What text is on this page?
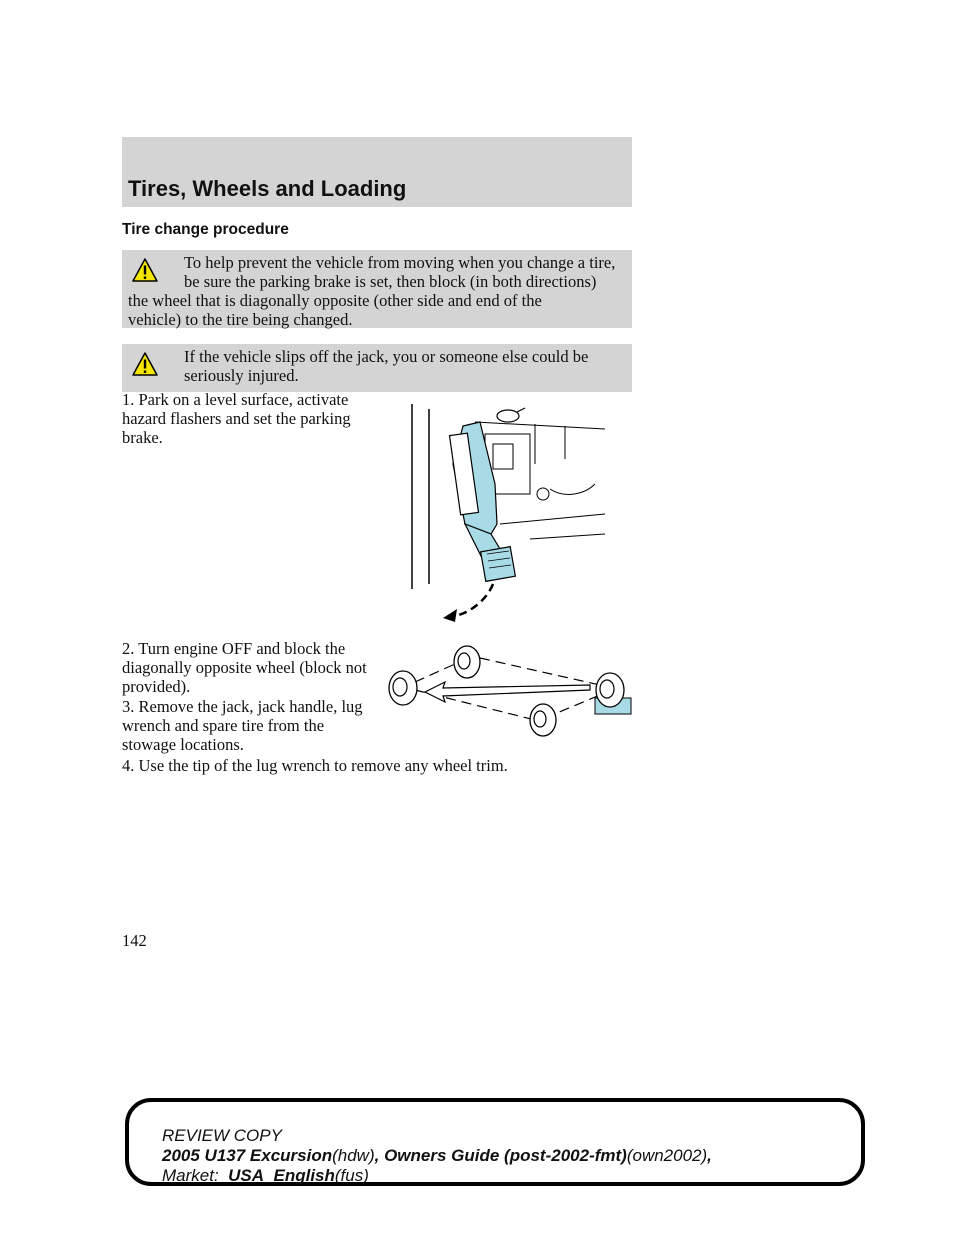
Tires, Wheels and Loading
Tire change procedure
To help prevent the vehicle from moving when you change a tire,
be sure the parking brake is set, then block (in both directions)
the wheel that is diagonally opposite (other side and end of the
vehicle) to the tire being changed.
If the vehicle slips off the jack, you or someone else could be
seriously injured.
1. Park on a level surface, activate hazard flashers and set the parking brake.
2. Turn engine OFF and block the diagonally opposite wheel (block not provided).
3. Remove the jack, jack handle, lug wrench and spare tire from the stowage locations.
4. Use the tip of the lug wrench to remove any wheel trim.
142
REVIEW COPY
2005 U137 Excursion(hdw), Owners Guide (post-2002-fmt)(own2002),
Market: USA_English(fus)
